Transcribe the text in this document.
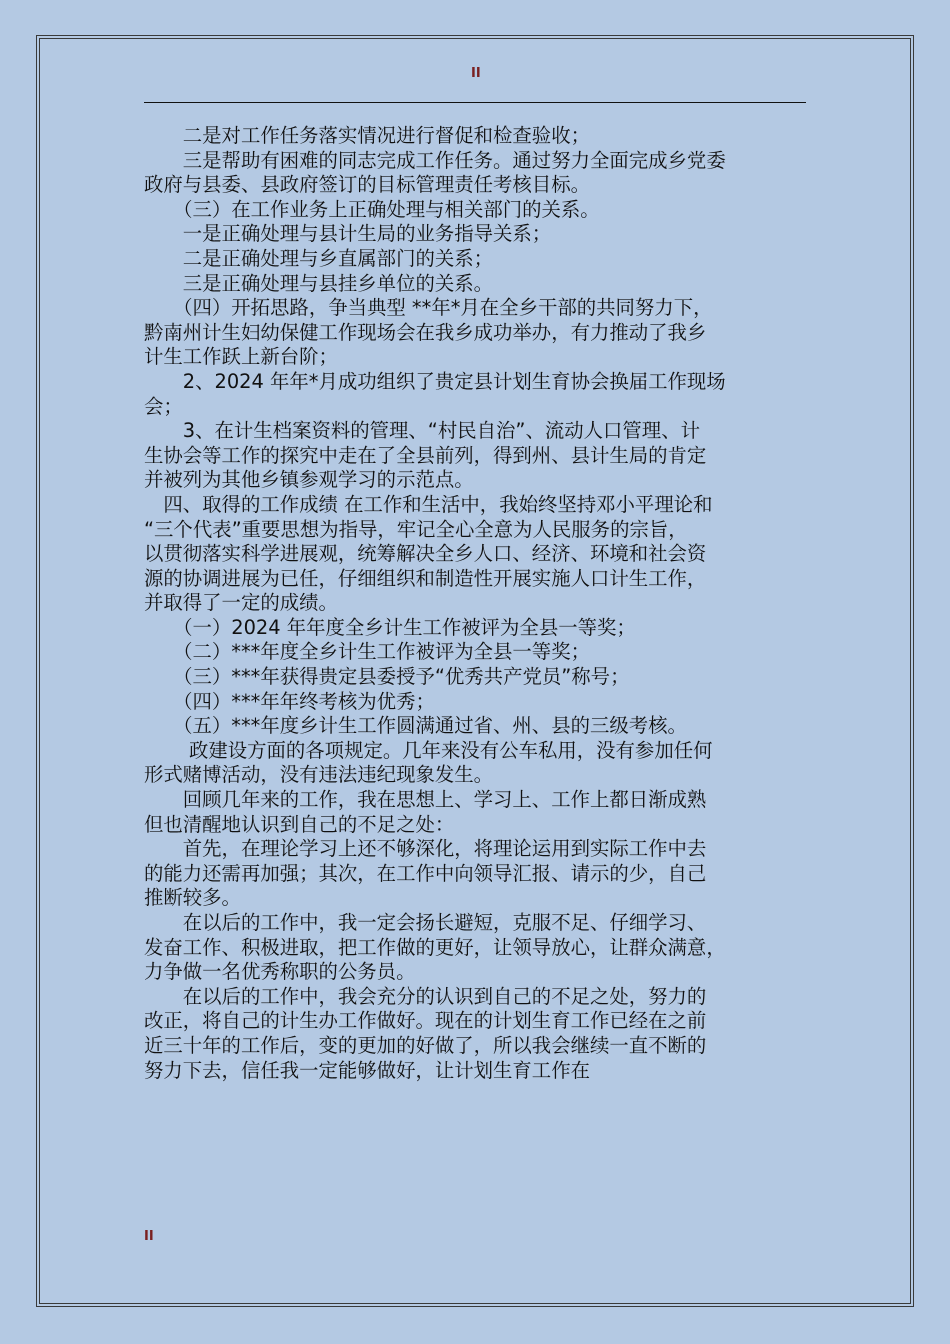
II

　　二是对工作任务落实情况进行督促和检查验收；

　　三是帮助有困难的同志完成工作任务。通过努力全面完成乡党委

政府与县委、县政府签订的目标管理责任考核目标。

　　（三）在工作业务上正确处理与相关部门的关系。

　　一是正确处理与县计生局的业务指导关系；

　　二是正确处理与乡直属部门的关系；

　　三是正确处理与县挂乡单位的关系。

　　（四）开拓思路，争当典型 **年*月在全乡干部的共同努力下，

黔南州计生妇幼保健工作现场会在我乡成功举办，有力推动了我乡

计生工作跃上新台阶；

　　2、2024 年年*月成功组织了贵定县计划生育协会换届工作现场

会；

　　3、在计生档案资料的管理、“村民自治”、流动人口管理、计

生协会等工作的探究中走在了全县前列，得到州、县计生局的肯定

并被列为其他乡镇参观学习的示范点。

　四、取得的工作成绩 在工作和生活中，我始终坚持邓小平理论和

“三个代表”重要思想为指导，牢记全心全意为人民服务的宗旨，

以贯彻落实科学进展观，统筹解决全乡人口、经济、环境和社会资

源的协调进展为已任，仔细组织和制造性开展实施人口计生工作，

并取得了一定的成绩。

　　（一）2024 年年度全乡计生工作被评为全县一等奖；

　　（二）***年度全乡计生工作被评为全县一等奖；

　　（三）***年获得贵定县委授予“优秀共产党员”称号；

　　（四）***年年终考核为优秀；

　　（五）***年度乡计生工作圆满通过省、州、县的三级考核。

　　 政建设方面的各项规定。几年来没有公车私用，没有参加任何

形式赌博活动，没有违法违纪现象发生。

　　回顾几年来的工作，我在思想上、学习上、工作上都日渐成熟

但也清醒地认识到自己的不足之处：

　　首先，在理论学习上还不够深化，将理论运用到实际工作中去

的能力还需再加强；其次，在工作中向领导汇报、请示的少，自己

推断较多。

　　在以后的工作中，我一定会扬长避短，克服不足、仔细学习、

发奋工作、积极进取，把工作做的更好，让领导放心，让群众满意，

力争做一名优秀称职的公务员。

　　在以后的工作中，我会充分的认识到自己的不足之处，努力的

改正，将自己的计生办工作做好。现在的计划生育工作已经在之前

近三十年的工作后，变的更加的好做了，所以我会继续一直不断的

努力下去，信任我一定能够做好，让计划生育工作在

II
